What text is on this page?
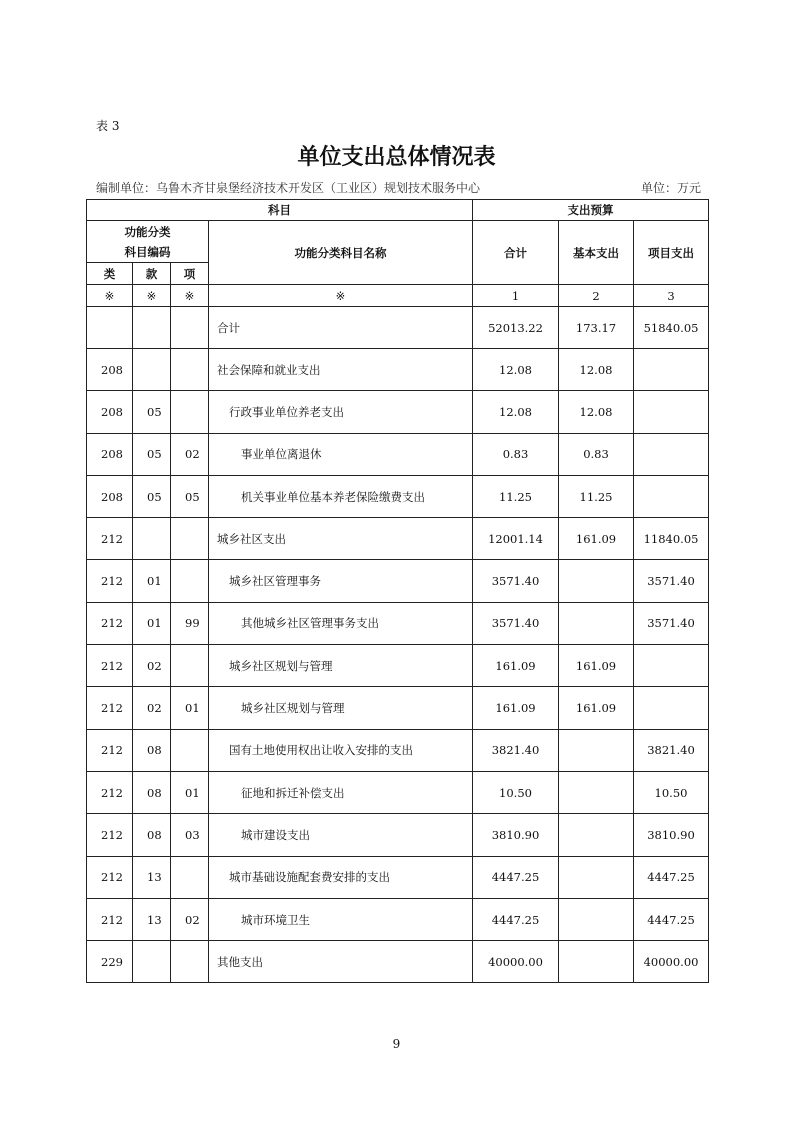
表 3
单位支出总体情况表
编制单位：乌鲁木齐甘泉堡经济技术开发区（工业区）规划技术服务中心	单位：万元
科目				支出预算		

功能分类
科目编码			功能分类科目名称	合计	基本支出	项目支出
类	款	项				
※	※	※	※	1	2	3
			合计	52013.22	173.17	51840.05
208			社会保障和就业支出	12.08	12.08	
208	05		行政事业单位养老支出	12.08	12.08	
208	05	02	事业单位离退休	0.83	0.83	
208	05	05	机关事业单位基本养老保险缴费支出	11.25	11.25	
212			城乡社区支出	12001.14	161.09	11840.05
212	01		城乡社区管理事务	3571.40		3571.40
212	01	99	其他城乡社区管理事务支出	3571.40		3571.40
212	02		城乡社区规划与管理	161.09	161.09	
212	02	01	城乡社区规划与管理	161.09	161.09	
212	08		国有土地使用权出让收入安排的支出	3821.40		3821.40
212	08	01	征地和拆迁补偿支出	10.50		10.50
212	08	03	城市建设支出	3810.90		3810.90
212	13		城市基础设施配套费安排的支出	4447.25		4447.25
212	13	02	城市环境卫生	4447.25		4447.25
229			其他支出	40000.00		40000.00
9
